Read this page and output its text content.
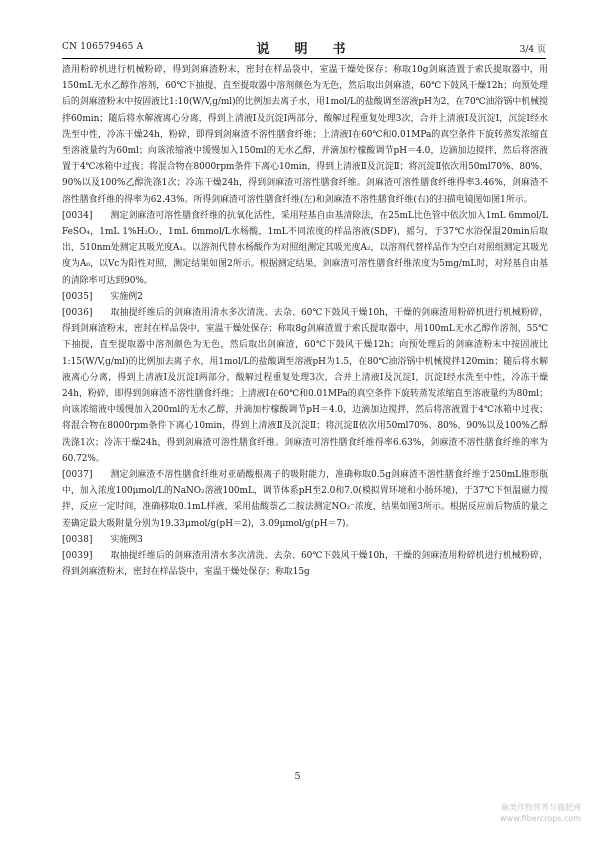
CN 106579465 A	说　明　书	3/4 页

渣用粉碎机进行机械粉碎，得到剑麻渣粉末，密封在样品袋中，室温干燥处保存；称取10g剑麻渣置于索氏提取器中，用150mL无水乙醇作溶剂，60℃下抽提，直至提取器中溶剂颜色为无色，然后取出剑麻渣，60℃下鼓风干燥12h；向预处理后的剑麻渣粉末中按固液比1:10(W/V,g/ml)的比例加去离子水，用1mol/L的盐酸调至溶液pH为2，在70℃油浴锅中机械搅拌60min；随后将水解液离心分离，得到上清液Ⅰ及沉淀Ⅰ两部分，酸解过程重复处理3次，合并上清液Ⅰ及沉淀Ⅰ，沉淀Ⅰ经水洗至中性，冷冻干燥24h，粉碎，即得到剑麻渣不溶性膳食纤维；上清液Ⅰ在60℃和0.01MPa的真空条件下旋转蒸发浓缩直至溶液量约为60ml；向该浓缩液中缓慢加入150ml的无水乙醇，并滴加柠檬酸调节pH＝4.0，边滴加边搅拌，然后将溶液置于4℃冰箱中过夜；将混合物在8000rpm条件下离心10min，得到上清液Ⅱ及沉淀Ⅱ；将沉淀Ⅱ依次用50ml70%、80%、90%以及100%乙醇洗涤1次；冷冻干燥24h，得到剑麻渣可溶性膳食纤维。剑麻渣可溶性膳食纤维得率3.46%，剑麻渣不溶性膳食纤维的得率为62.43%。所得剑麻渣可溶性膳食纤维(左)和剑麻渣不溶性膳食纤维(右)的扫描电镜图如图1所示。

[0034]   测定剑麻渣可溶性膳食纤维的抗氧化活性，采用羟基自由基清除法，在25mL比色管中依次加入1mL 6mmol/L FeSO₄，1mL 1%H₂O₂，1mL 6mmol/L水杨酸，1mL不同浓度的样品溶液(SDF)，摇匀，于37℃水浴保温20min后取出，510nm处测定其吸光度A₁。以溶剂代替水杨酸作为对照组测定其吸光度A₂，以溶剂代替样品作为空白对照组测定其吸光度为A₀，以Vc为阳性对照，测定结果如图2所示。根据测定结果，剑麻渣可溶性膳食纤维浓度为5mg/mL时，对羟基自由基的清除率可达到90%。

[0035]   实施例2

[0036]   取抽提纤维后的剑麻渣用清水多次清洗、去杂、60℃下鼓风干燥10h，干燥的剑麻渣用粉碎机进行机械粉碎，得到剑麻渣粉末，密封在样品袋中，室温干燥处保存；称取8g剑麻渣置于索氏提取器中，用100mL无水乙醇作溶剂，55℃下抽提，直至提取器中溶剂颜色为无色，然后取出剑麻渣，60℃下鼓风干燥12h；向预处理后的剑麻渣粉末中按固液比1:15(W/V,g/ml)的比例加去离子水，用1mol/L的盐酸调至溶液pH为1.5，在80℃油浴锅中机械搅拌120min；随后将水解液离心分离，得到上清液Ⅰ及沉淀Ⅰ两部分，酸解过程重复处理3次，合并上清液Ⅰ及沉淀Ⅰ，沉淀Ⅰ经水洗至中性，冷冻干燥24h，粉碎，即得到剑麻渣不溶性膳食纤维；上清液Ⅰ在60℃和0.01MPa的真空条件下旋转蒸发浓缩直至溶液量约为80ml；向该浓缩液中缓慢加入200ml的无水乙醇，并滴加柠檬酸调节pH＝4.0，边滴加边搅拌，然后将溶液置于4℃冰箱中过夜；将混合物在8000rpm条件下离心10min，得到上清液Ⅱ及沉淀Ⅱ；将沉淀Ⅱ依次用50ml70%、80%、90%以及100%乙醇洗涤1次；冷冻干燥24h，得到剑麻渣可溶性膳食纤维。剑麻渣可溶性膳食纤维得率6.63%，剑麻渣不溶性膳食纤维的率为60.72%。

[0037]   测定剑麻渣不溶性膳食纤维对亚硝酸根离子的吸附能力，准确称取0.5g剑麻渣不溶性膳食纤维于250mL锥形瓶中，加入浓度100μmol/L的NaNO₂溶液100mL，调节体系pH至2.0和7.0(模拟胃环境和小肠环境)，于37℃下恒温磁力搅拌，反应一定时间，准确移取0.1mL样液，采用盐酸萘乙二胺法测定NO₂⁻浓度，结果如图3所示。根据反应前后物质的量之差确定最大吸附量分别为19.33μmol/g(pH＝2)，3.09μmol/g(pH＝7)。

[0038]   实施例3

[0039]   取抽提纤维后的剑麻渣用清水多次清洗、去杂、60℃下鼓风干燥10h，干燥的剑麻渣用粉碎机进行机械粉碎，得到剑麻渣粉末，密封在样品袋中，室温干燥处保存；称取15g

5
麻类作物营养与施肥网
www.fibercrops.com
